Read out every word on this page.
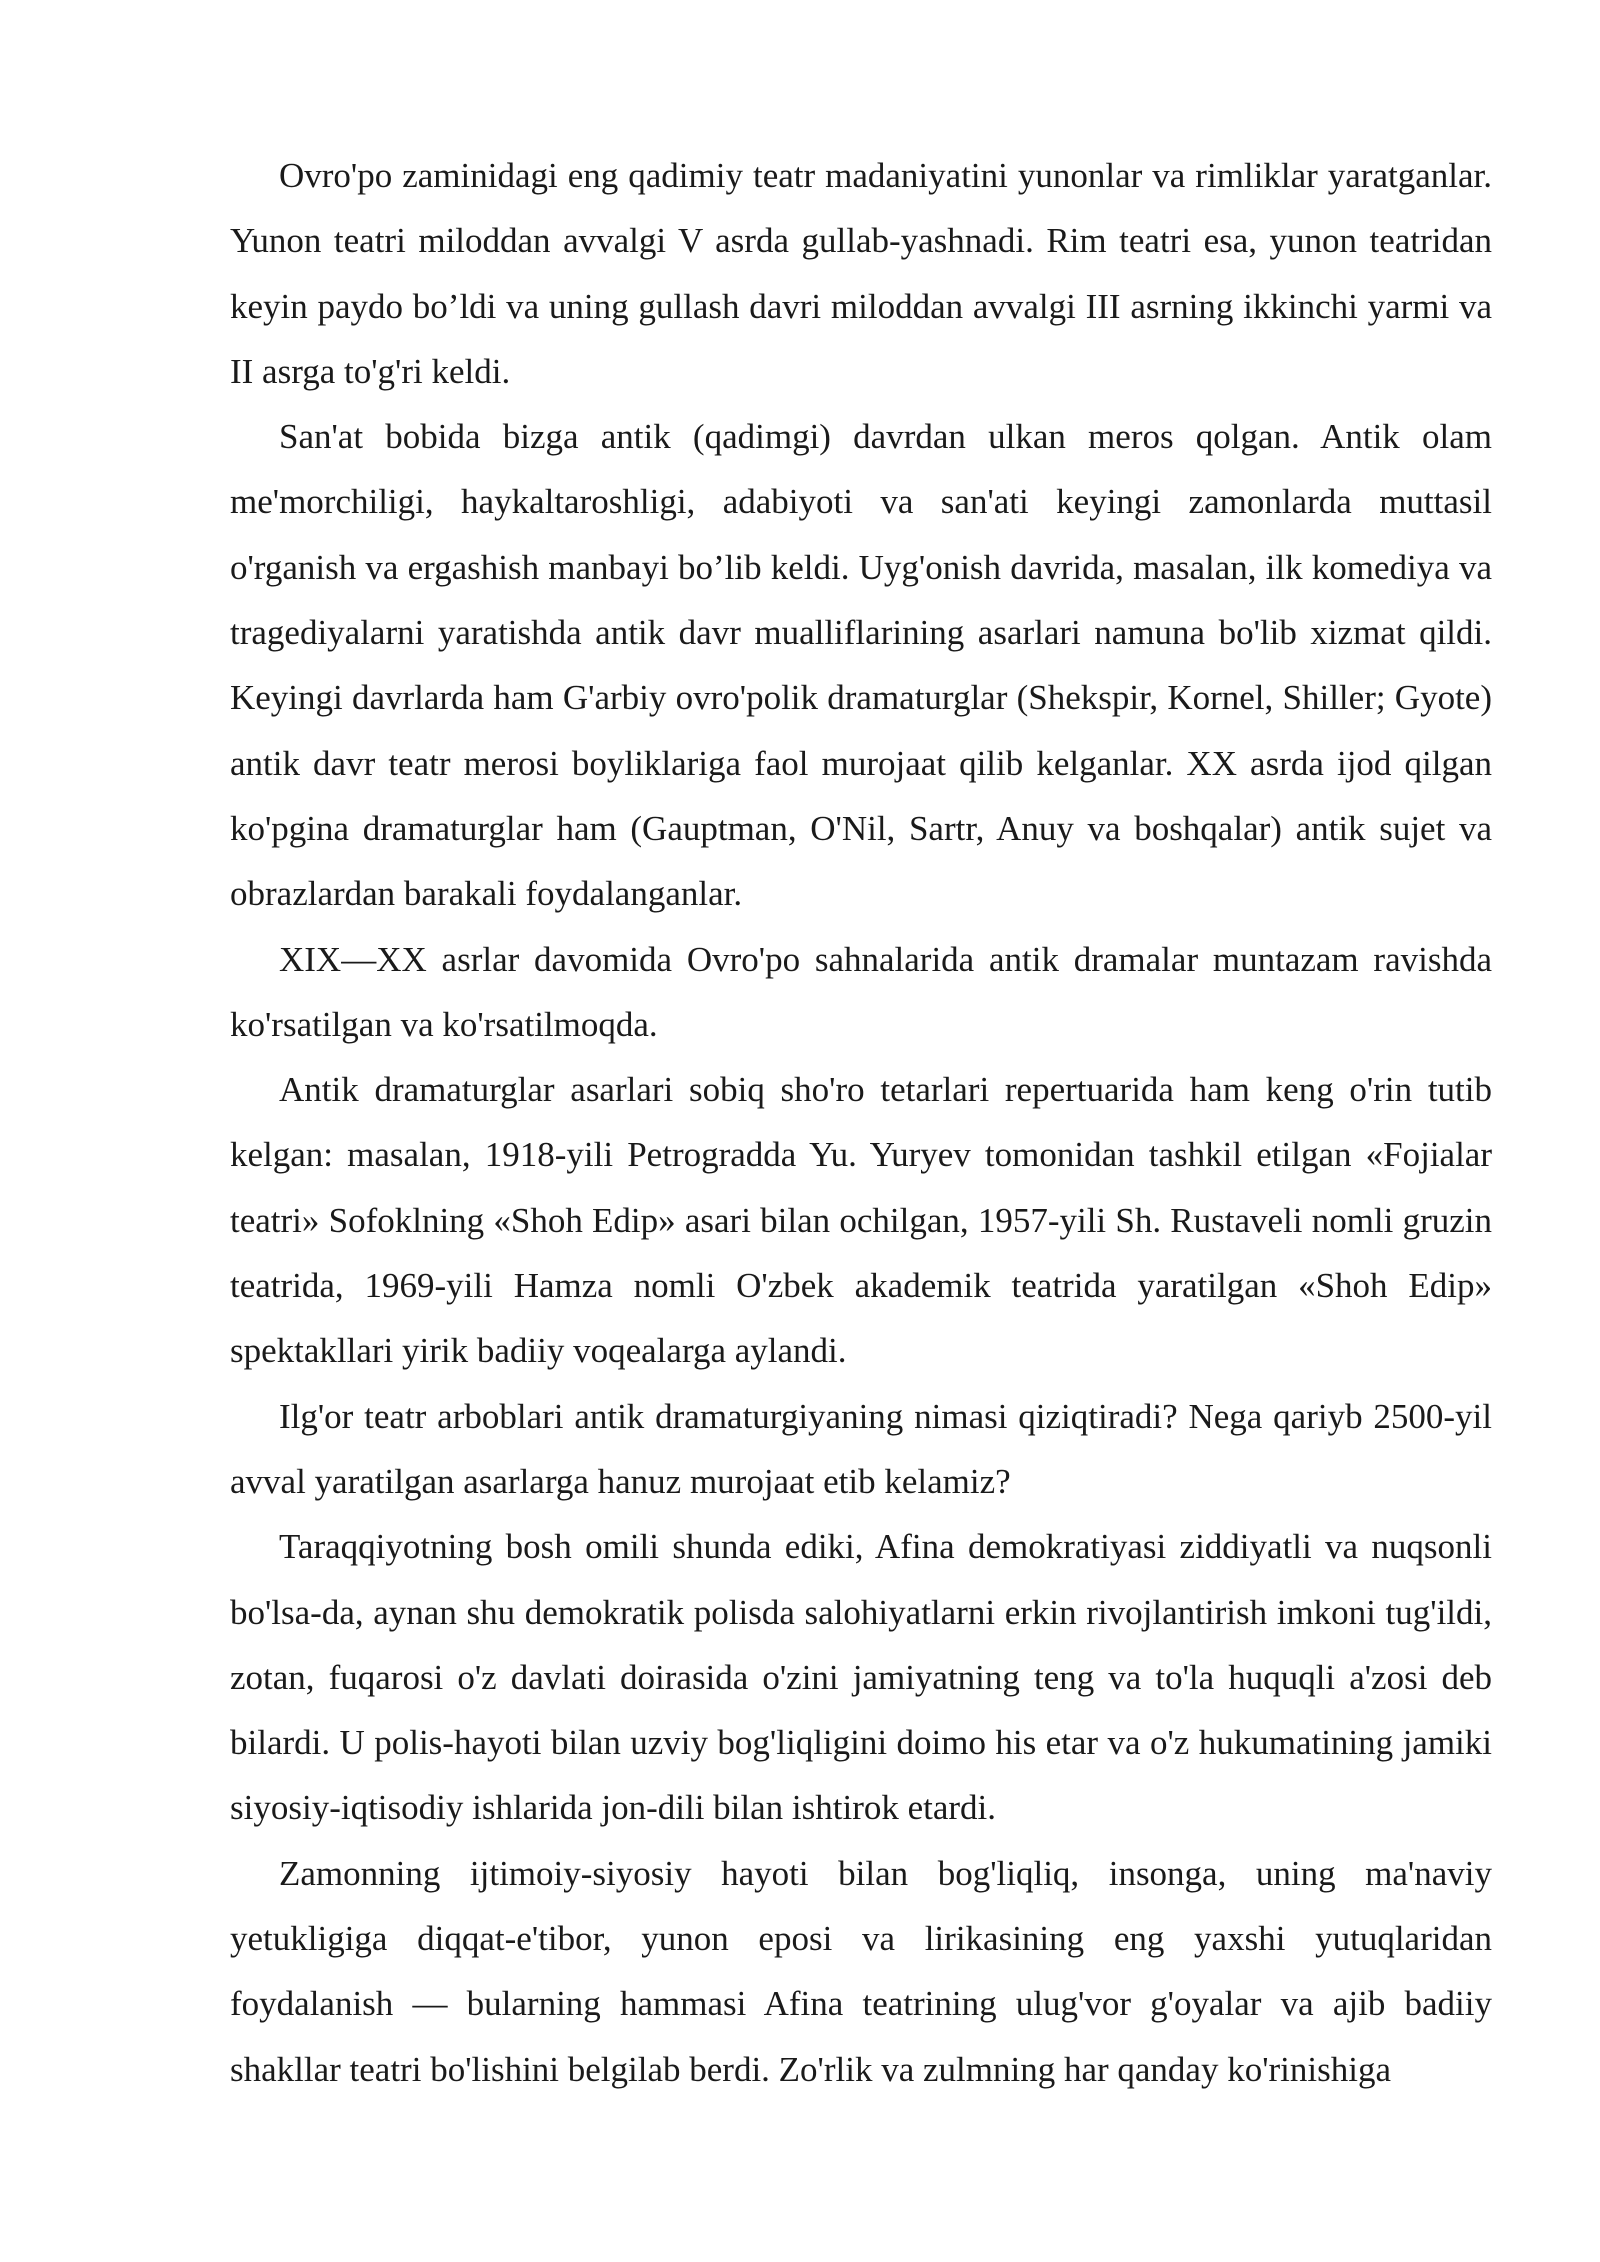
Ovro'po zaminidagi eng qadimiy teatr madaniyatini yunonlar va rimliklar yaratganlar. Yunon teatri miloddan avvalgi V asrda gullab-yashnadi. Rim teatri esa, yunon teatridan keyin paydo bo’ldi va uning gullash davri miloddan avvalgi III asrning ikkinchi yarmi va II asrga to'g'ri keldi.

San'at bobida bizga antik (qadimgi) davrdan ulkan meros qolgan. Antik olam me'morchiligi, haykaltaroshligi, adabiyoti va san'ati keyingi zamonlarda muttasil o'rganish va ergashish manbayi bo’lib keldi. Uyg'onish davrida, masalan, ilk komediya va tragediyalarni yaratishda antik davr mualliflarining asarlari namuna bo'lib xizmat qildi. Keyingi davrlarda ham G'arbiy ovro'polik dramaturglar (Shekspir, Kornel, Shiller; Gyote) antik davr teatr merosi boyliklariga faol murojaat qilib kelganlar. XX asrda ijod qilgan ko'pgina dramaturglar ham (Gauptman, O'Nil, Sartr, Anuy va boshqalar) antik sujet va obrazlardan barakali foydalanganlar.

XIX—XX asrlar davomida Ovro'po sahnalarida antik dramalar muntazam ravishda ko'rsatilgan va ko'rsatilmoqda.

Antik dramaturglar asarlari sobiq sho'ro tetarlari repertuarida ham keng o'rin tutib kelgan: masalan, 1918-yili Petrogradda Yu. Yuryev tomonidan tashkil etilgan «Fojialar teatri» Sofoklning «Shoh Edip» asari bilan ochilgan, 1957-yili Sh. Rustaveli nomli gruzin teatrida, 1969-yili Hamza nomli O'zbek akademik teatrida yaratilgan «Shoh Edip» spektakllari yirik badiiy voqealarga aylandi.

Ilg'or teatr arboblari antik dramaturgiyaning nimasi qiziqtiradi? Nega qariyb 2500-yil avval yaratilgan asarlarga hanuz murojaat etib kelamiz?

Taraqqiyotning bosh omili shunda ediki, Afina demokratiyasi ziddiyatli va nuqsonli bo'lsa-da, aynan shu demokratik polisda salohiyatlarni erkin rivojlantirish imkoni tug'ildi, zotan, fuqarosi o'z davlati doirasida o'zini jamiyatning teng va to'la huquqli a'zosi deb bilardi. U polis-hayoti bilan uzviy bog'liqligini doimo his etar va o'z hukumatining jamiki siyosiy-iqtisodiy ishlarida jon-dili bilan ishtirok etardi.

Zamonning ijtimoiy-siyosiy hayoti bilan bog'liqliq, insonga, uning ma'naviy yetukligiga diqqat-e'tibor, yunon eposi va lirikasining eng yaxshi yutuqlaridan foydalanish — bularning hammasi Afina teatrining ulug'vor g'oyalar va ajib badiiy shakllar teatri bo'lishini belgilab berdi. Zo'rlik va zulmning har qanday ko'rinishiga
